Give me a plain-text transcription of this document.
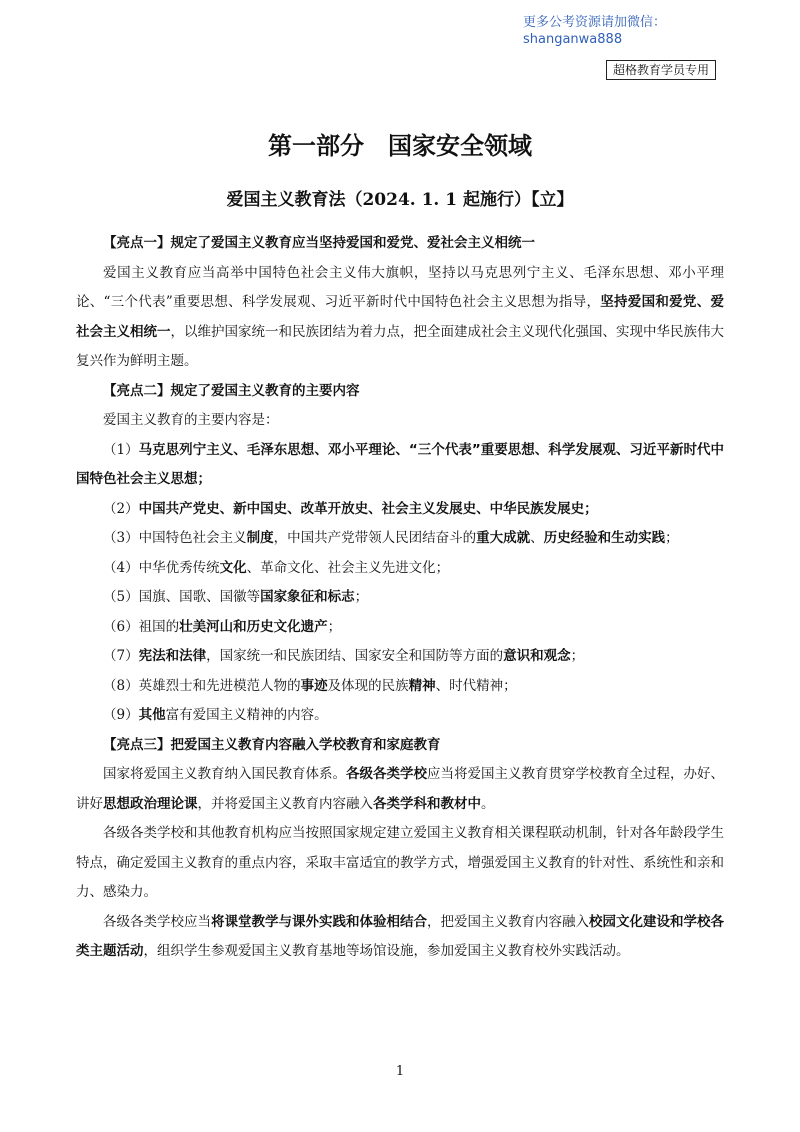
更多公考资源请加微信：
shanganwa888
超格教育学员专用
第一部分　国家安全领域
爱国主义教育法（2024. 1. 1 起施行）【立】

【亮点一】规定了爱国主义教育应当坚持爱国和爱党、爱社会主义相统一

爱国主义教育应当高举中国特色社会主义伟大旗帜，坚持以马克思列宁主义、毛泽东思想、邓小平理论、“三个代表”重要思想、科学发展观、习近平新时代中国特色社会主义思想为指导，坚持爱国和爱党、爱社会主义相统一，以维护国家统一和民族团结为着力点，把全面建成社会主义现代化强国、实现中华民族伟大复兴作为鲜明主题。

【亮点二】规定了爱国主义教育的主要内容

爱国主义教育的主要内容是：

（1）马克思列宁主义、毛泽东思想、邓小平理论、“三个代表”重要思想、科学发展观、习近平新时代中国特色社会主义思想；

（2）中国共产党史、新中国史、改革开放史、社会主义发展史、中华民族发展史；

（3）中国特色社会主义制度，中国共产党带领人民团结奋斗的重大成就、历史经验和生动实践；

（4）中华优秀传统文化、革命文化、社会主义先进文化；

（5）国旗、国歌、国徽等国家象征和标志；

（6）祖国的壮美河山和历史文化遗产；

（7）宪法和法律，国家统一和民族团结、国家安全和国防等方面的意识和观念；

（8）英雄烈士和先进模范人物的事迹及体现的民族精神、时代精神；

（9）其他富有爱国主义精神的内容。

【亮点三】把爱国主义教育内容融入学校教育和家庭教育

国家将爱国主义教育纳入国民教育体系。各级各类学校应当将爱国主义教育贯穿学校教育全过程，办好、讲好思想政治理论课，并将爱国主义教育内容融入各类学科和教材中。

各级各类学校和其他教育机构应当按照国家规定建立爱国主义教育相关课程联动机制，针对各年龄段学生特点，确定爱国主义教育的重点内容，采取丰富适宜的教学方式，增强爱国主义教育的针对性、系统性和亲和力、感染力。

各级各类学校应当将课堂教学与课外实践和体验相结合，把爱国主义教育内容融入校园文化建设和学校各类主题活动，组织学生参观爱国主义教育基地等场馆设施，参加爱国主义教育校外实践活动。

1
